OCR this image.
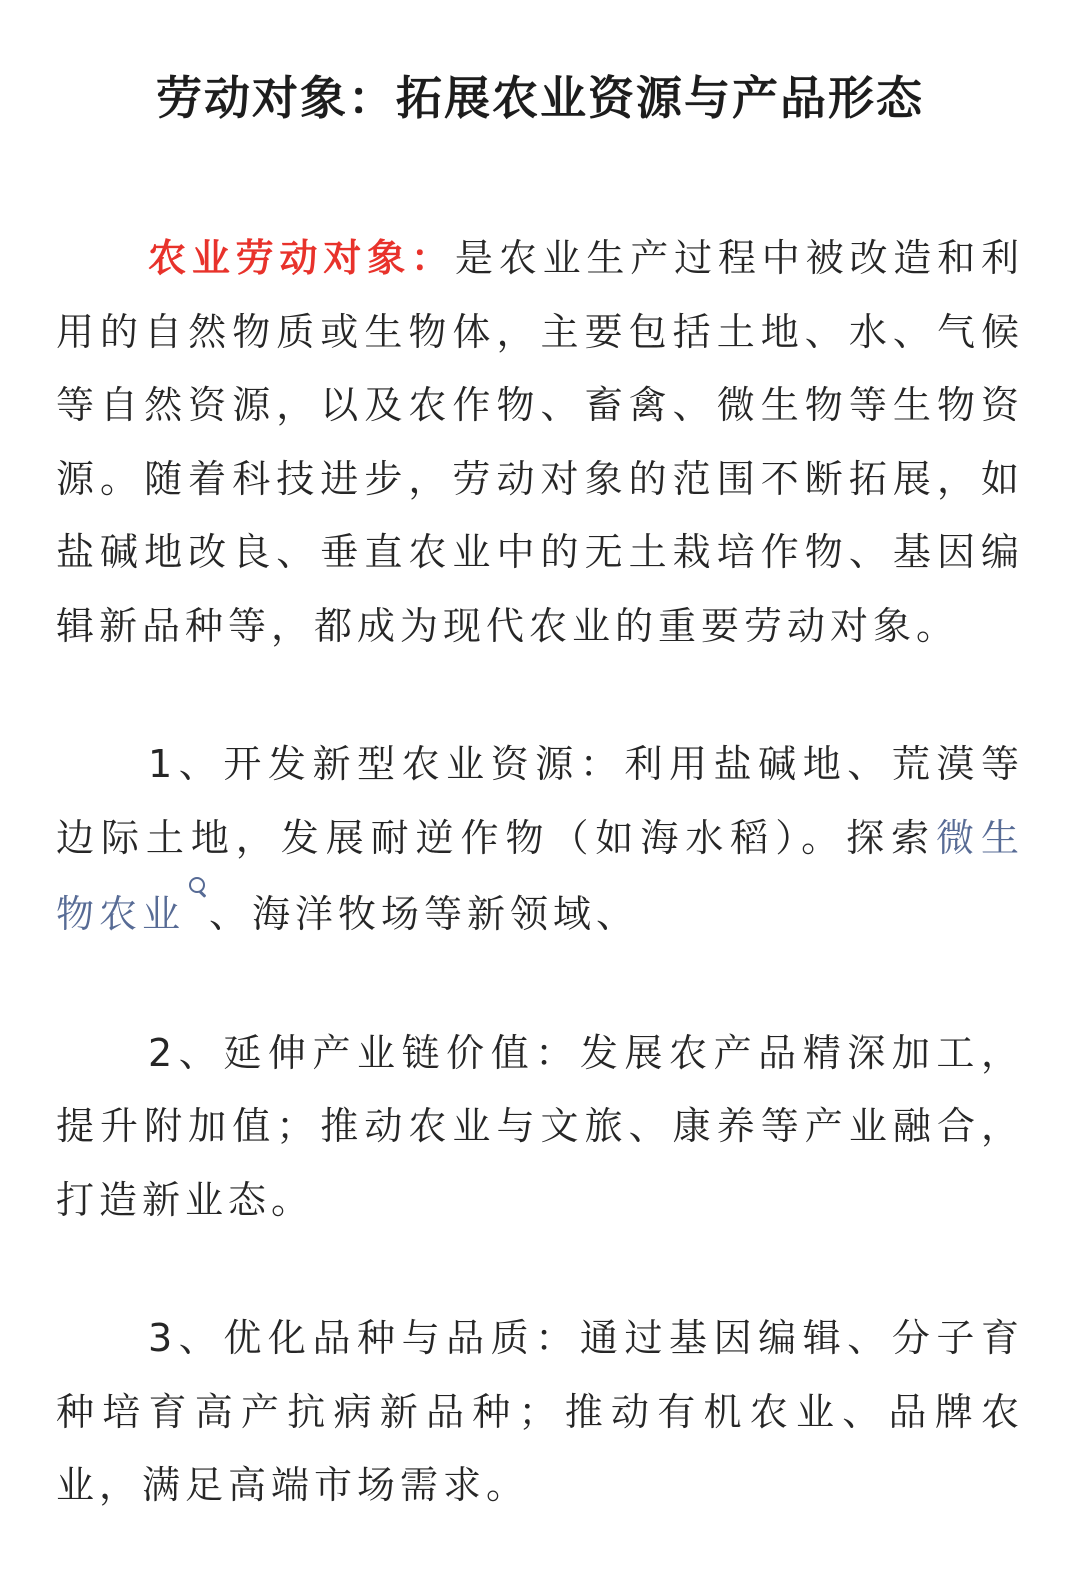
劳动对象：拓展农业资源与产品形态

农业劳动对象：是农业生产过程中被改造和利用的自然物质或生物体，主要包括土地、水、气候等自然资源，以及农作物、畜禽、微生物等生物资源。随着科技进步，劳动对象的范围不断拓展，如盐碱地改良、垂直农业中的无土栽培作物、基因编辑新品种等，都成为现代农业的重要劳动对象。

1、开发新型农业资源：利用盐碱地、荒漠等边际土地，发展耐逆作物（如海水稻）。探索微生物农业 、海洋牧场等新领域、

2、延伸产业链价值：发展农产品精深加工，提升附加值；推动农业与文旅、康养等产业融合，打造新业态。

3、优化品种与品质：通过基因编辑、分子育种培育高产抗病新品种；推动有机农业、品牌农业，满足高端市场需求。
